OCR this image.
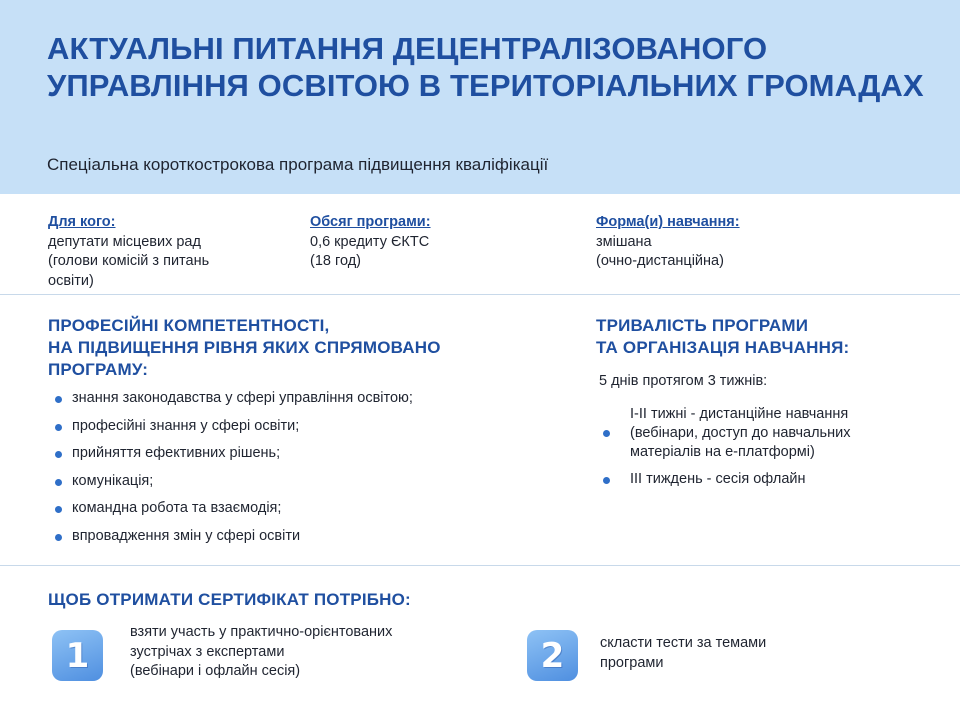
АКТУАЛЬНІ ПИТАННЯ ДЕЦЕНТРАЛІЗОВАНОГО УПРАВЛІННЯ ОСВІТОЮ В ТЕРИТОРІАЛЬНИХ ГРОМАДАХ

Спеціальна короткострокова програма підвищення кваліфікації

Для кого:
депутати місцевих рад
(голови комісій з питань
освіти)
Обсяг програми:
0,6 кредиту ЄКТС
(18 год)
Форма(и) навчання:
змішана
(очно-дистанційна)
ПРОФЕСІЙНІ КОМПЕТЕНТНОСТІ,
НА ПІДВИЩЕННЯ РІВНЯ ЯКИХ СПРЯМОВАНО
ПРОГРАМУ:
знання законодавства у сфері управління освітою;
професійні знання у сфері освіти;
прийняття ефективних рішень;
комунікація;
командна робота та взаємодія;
впровадження змін у сфері освіти
ТРИВАЛІСТЬ ПРОГРАМИ
ТА ОРГАНІЗАЦІЯ НАВЧАННЯ:

5 днів протягом 3 тижнів:

I-II тижні - дистанційне навчання
(вебінари, доступ до навчальних
матеріалів на е-платформі)
III тиждень - сесія офлайн
ЩОБ ОТРИМАТИ СЕРТИФІКАТ ПОТРІБНО:
1
взяти участь у практично-орієнтованих
зустрічах з експертами
(вебінари і офлайн сесія)	2 скласти тести за темами
програми
